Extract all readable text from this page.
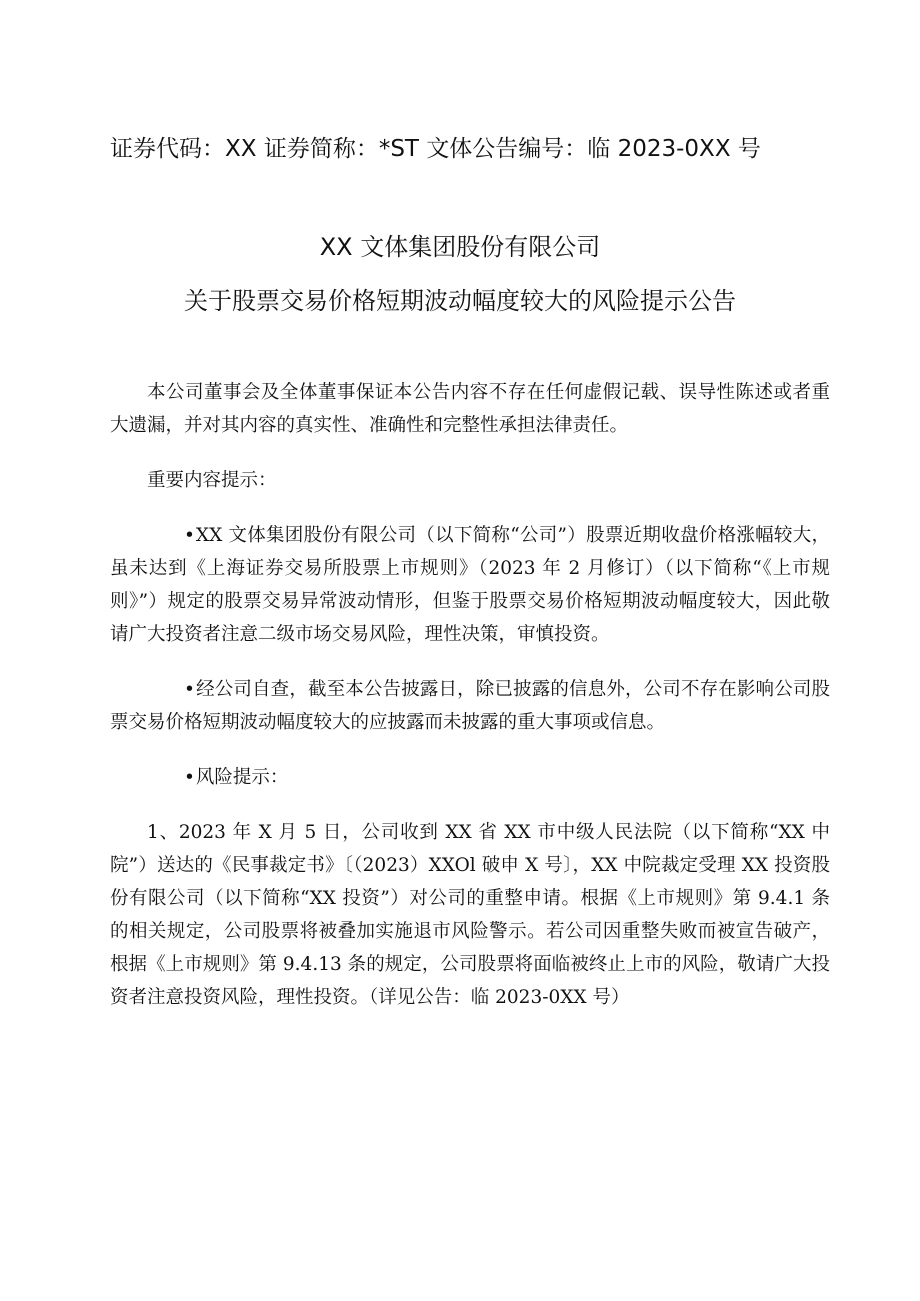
证券代码：XX 证券简称：*ST 文体公告编号：临 2023-0XX 号
XX 文体集团股份有限公司
关于股票交易价格短期波动幅度较大的风险提示公告

本公司董事会及全体董事保证本公告内容不存在任何虚假记载、误导性陈述或者重大遗漏，并对其内容的真实性、准确性和完整性承担法律责任。

重要内容提示：

•XX 文体集团股份有限公司（以下简称“公司”）股票近期收盘价格涨幅较大，虽未达到《上海证券交易所股票上市规则》（2023 年 2 月修订）（以下简称“《上市规则》”）规定的股票交易异常波动情形，但鉴于股票交易价格短期波动幅度较大，因此敬请广大投资者注意二级市场交易风险，理性决策，审慎投资。

•经公司自查，截至本公告披露日，除已披露的信息外，公司不存在影响公司股票交易价格短期波动幅度较大的应披露而未披露的重大事项或信息。

•风险提示：

1、2023 年 X 月 5 日，公司收到 XX 省 XX 市中级人民法院（以下简称“XX 中院”）送达的《民事裁定书》〔（2023）XXOl 破申 X 号〕，XX 中院裁定受理 XX 投资股份有限公司（以下简称“XX 投资”）对公司的重整申请。根据《上市规则》第 9.4.1 条的相关规定，公司股票将被叠加实施退市风险警示。若公司因重整失败而被宣告破产，根据《上市规则》第 9.4.13 条的规定，公司股票将面临被终止上市的风险，敬请广大投资者注意投资风险，理性投资。（详见公告：临 2023-0XX 号）
